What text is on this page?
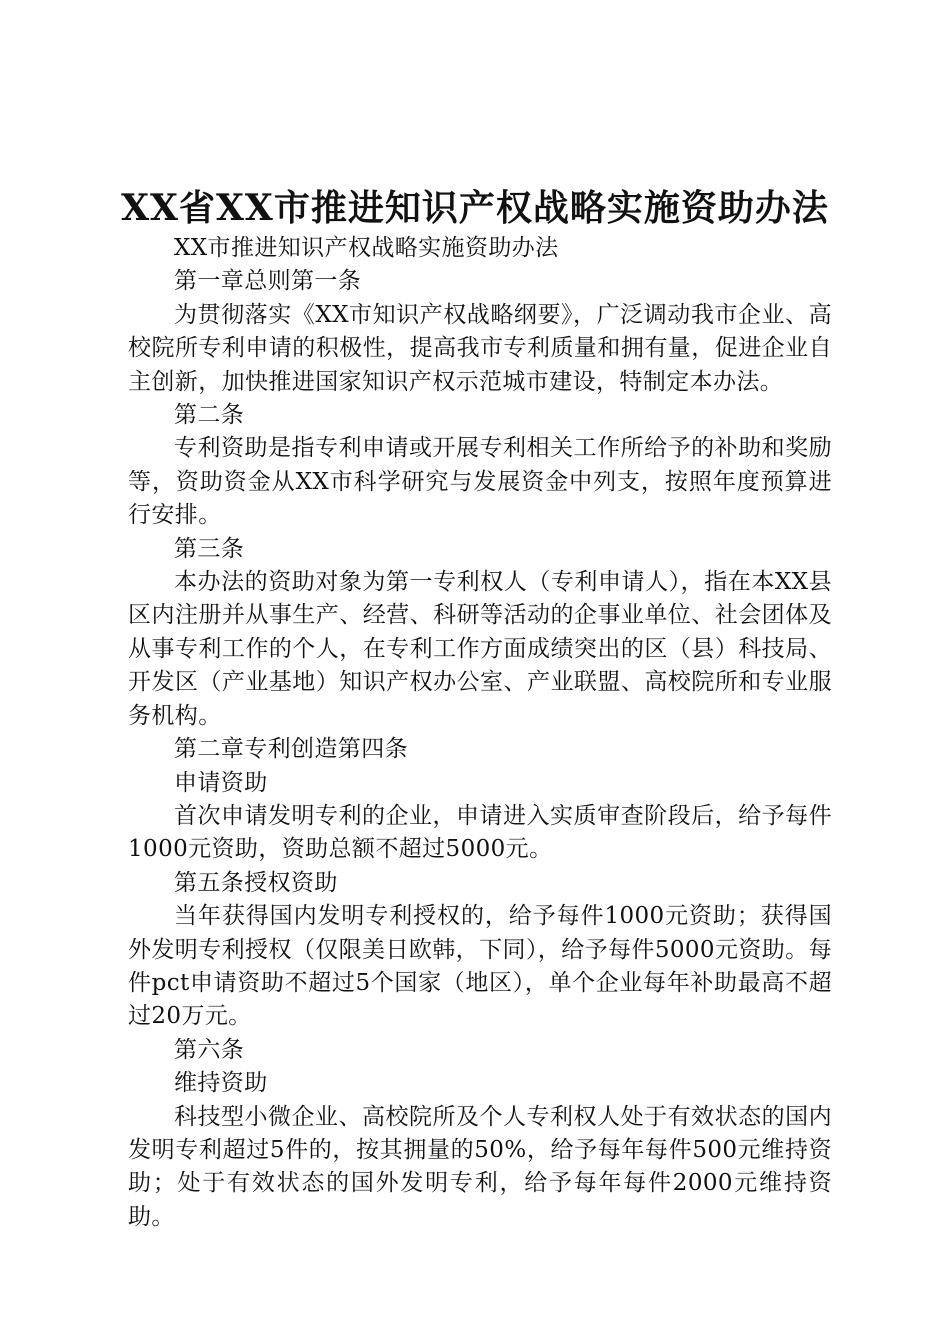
XX省XX市推进知识产权战略实施资助办法

XX市推进知识产权战略实施资助办法

第一章总则第一条

为贯彻落实《XX市知识产权战略纲要》，广泛调动我市企业、高校院所专利申请的积极性，提高我市专利质量和拥有量，促进企业自主创新，加快推进国家知识产权示范城市建设，特制定本办法。

第二条

专利资助是指专利申请或开展专利相关工作所给予的补助和奖励等，资助资金从XX市科学研究与发展资金中列支，按照年度预算进行安排。

第三条

本办法的资助对象为第一专利权人（专利申请人），指在本XX县区内注册并从事生产、经营、科研等活动的企事业单位、社会团体及从事专利工作的个人，在专利工作方面成绩突出的区（县）科技局、开发区（产业基地）知识产权办公室、产业联盟、高校院所和专业服务机构。

第二章专利创造第四条

申请资助

首次申请发明专利的企业，申请进入实质审查阶段后，给予每件1000元资助，资助总额不超过5000元。

第五条授权资助

当年获得国内发明专利授权的，给予每件1000元资助；获得国外发明专利授权（仅限美日欧韩，下同），给予每件5000元资助。每件pct申请资助不超过5个国家（地区），单个企业每年补助最高不超过20万元。

第六条

维持资助

科技型小微企业、高校院所及个人专利权人处于有效状态的国内发明专利超过5件的，按其拥量的50%，给予每年每件500元维持资助；处于有效状态的国外发明专利，给予每年每件2000元维持资助。
